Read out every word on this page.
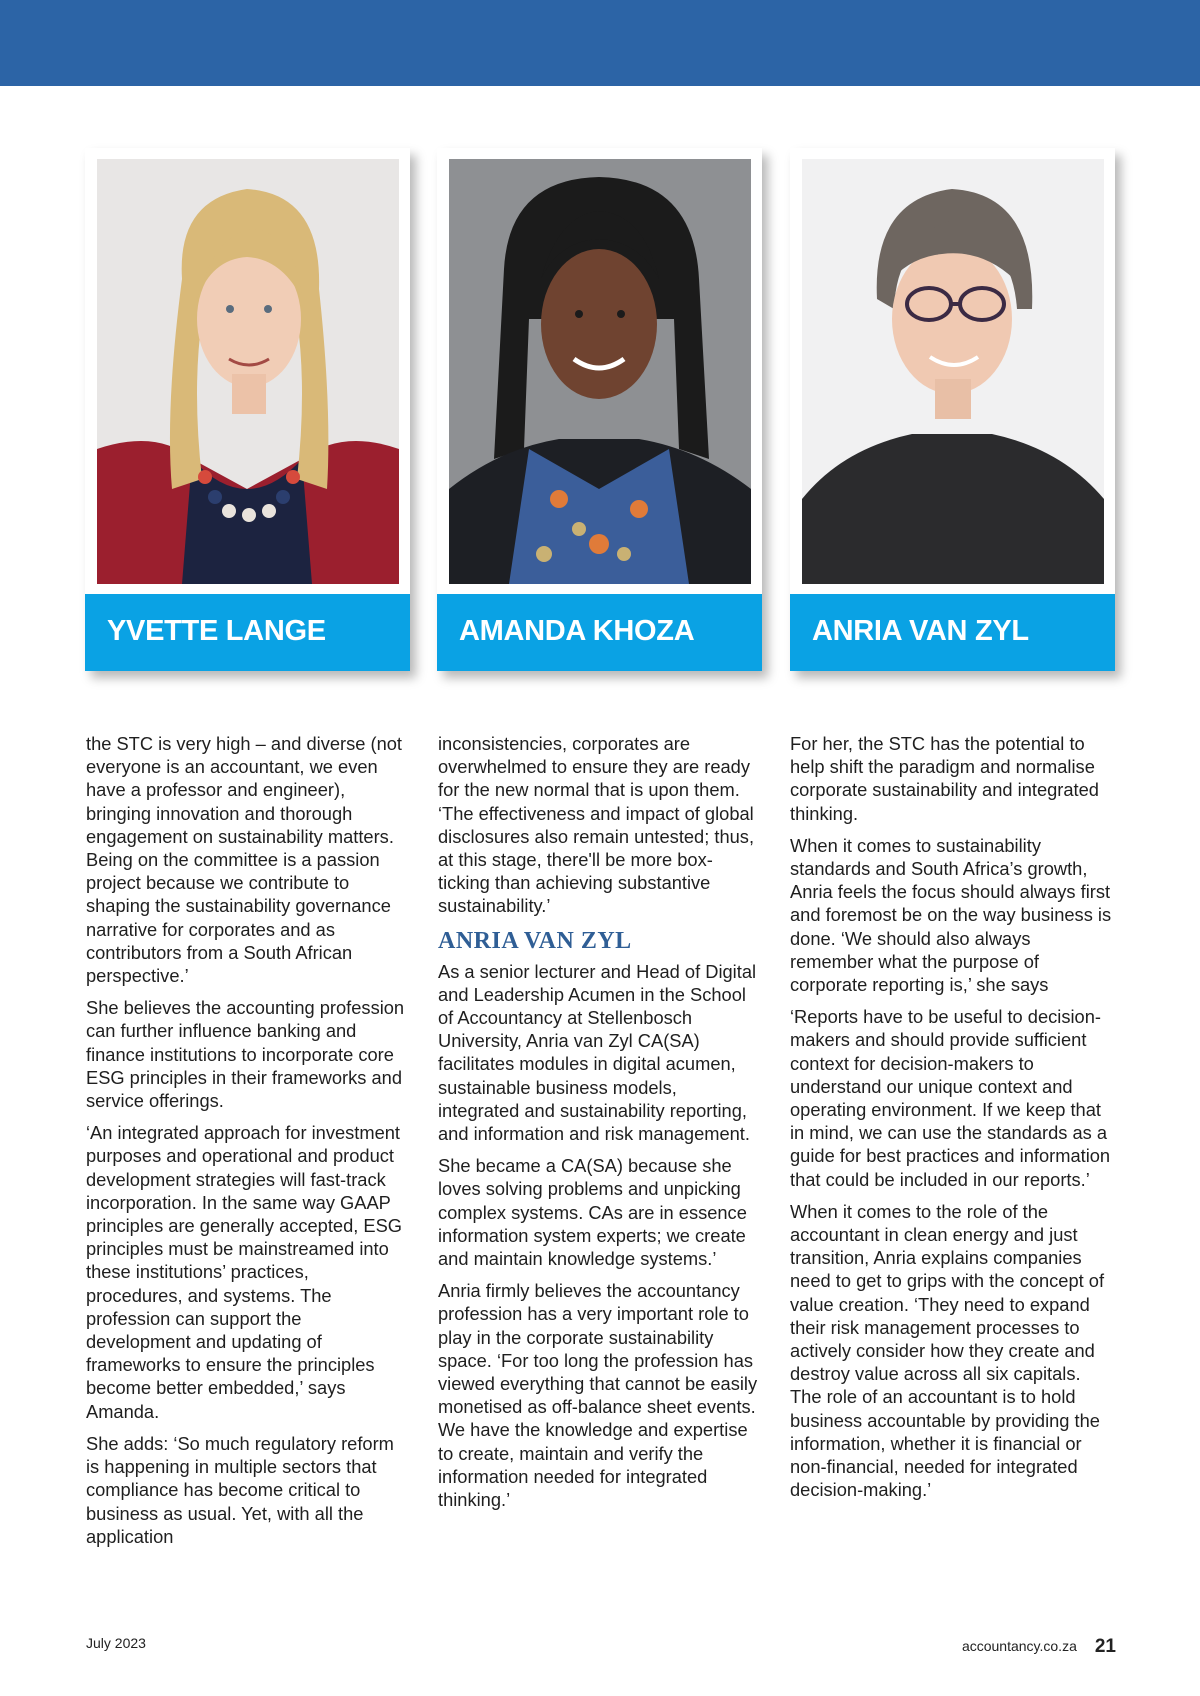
YVETTE LANGE	AMANDA KHOZA	ANRIA VAN ZYL

the STC is very high – and diverse (not everyone is an accountant, we even have a professor and engineer), bringing innovation and thorough engagement on sustainability matters. Being on the committee is a passion project because we contribute to shaping the sustainability governance narrative for corporates and as contributors from a South African perspective.’

She believes the accounting profession can further influence banking and finance institutions to incorporate core ESG principles in their frameworks and service offerings.

‘An integrated approach for investment purposes and operational and product development strategies will fast-track incorporation. In the same way GAAP principles are generally accepted, ESG principles must be mainstreamed into these institutions’ practices, procedures, and systems. The profession can support the development and updating of frameworks to ensure the principles become better embedded,’ says Amanda.

She adds: ‘So much regulatory reform is happening in multiple sectors that compliance has become critical to business as usual. Yet, with all the application

inconsistencies, corporates are overwhelmed to ensure they are ready for the new normal that is upon them. ‘The effectiveness and impact of global disclosures also remain untested; thus, at this stage, there'll be more box-ticking than achieving substantive sustainability.’

ANRIA VAN ZYL

As a senior lecturer and Head of Digital and Leadership Acumen in the School of Accountancy at Stellenbosch University, Anria van Zyl CA(SA) facilitates modules in digital acumen, sustainable business models, integrated and sustainability reporting, and information and risk management.

She became a CA(SA) because she loves solving problems and unpicking complex systems. CAs are in essence information system experts; we create and maintain knowledge systems.’

Anria firmly believes the accountancy profession has a very important role to play in the corporate sustainability space. ‘For too long the profession has viewed everything that cannot be easily monetised as off-balance sheet events. We have the knowledge and expertise to create, maintain and verify the information needed for integrated thinking.’

For her, the STC has the potential to help shift the paradigm and normalise corporate sustainability and integrated thinking.

When it comes to sustainability standards and South Africa’s growth, Anria feels the focus should always first and foremost be on the way business is done. ‘We should also always remember what the purpose of corporate reporting is,’ she says

‘Reports have to be useful to decision-makers and should provide sufficient context for decision-makers to understand our unique context and operating environment. If we keep that in mind, we can use the standards as a guide for best practices and information that could be included in our reports.’

When it comes to the role of the accountant in clean energy and just transition, Anria explains companies need to get to grips with the concept of value creation. ‘They need to expand their risk management processes to actively consider how they create and destroy value across all six capitals. The role of an accountant is to hold business accountable by providing the information, whether it is financial or non-financial, needed for integrated decision-making.’

July 2023	accountancy.co.za 21
